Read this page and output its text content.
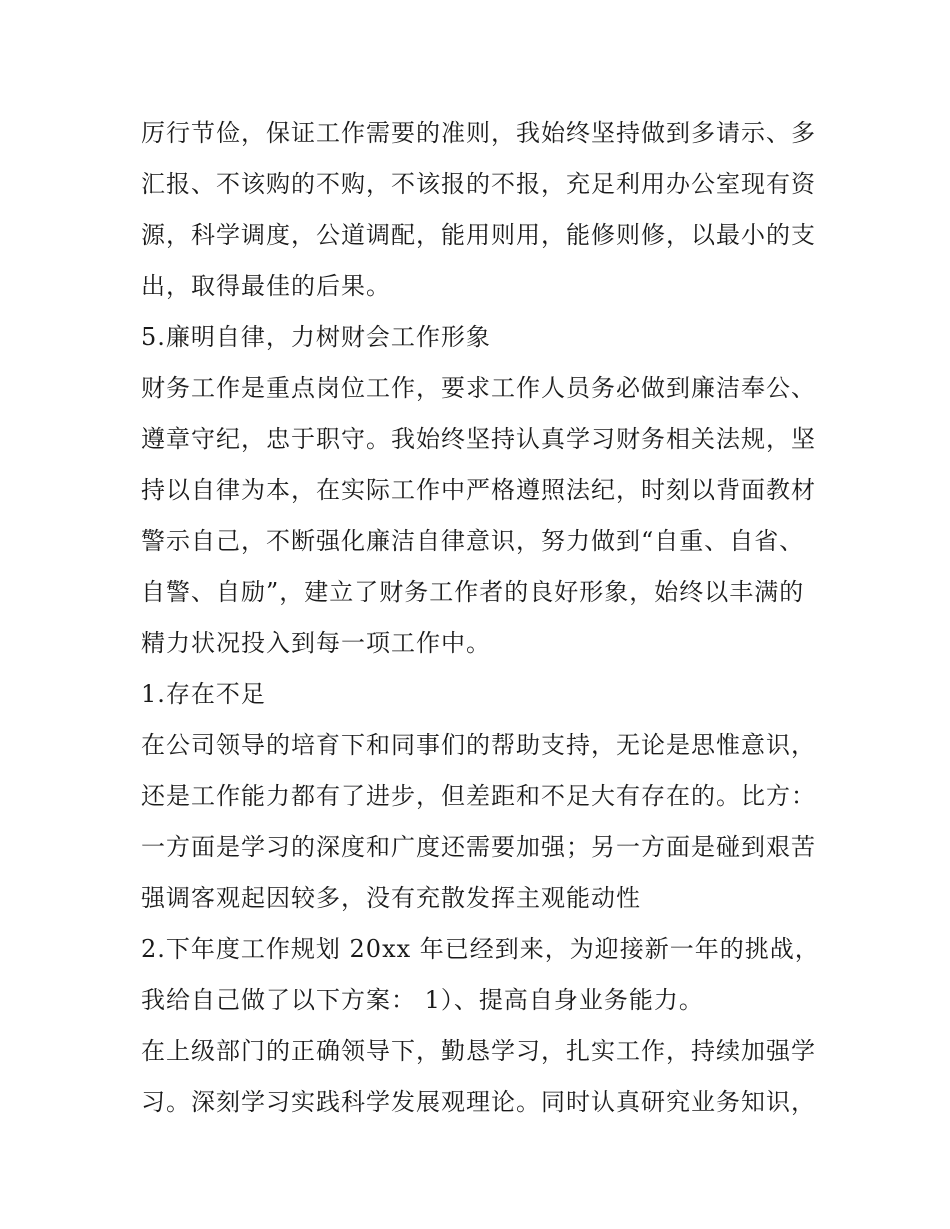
厉行节俭，保证工作需要的准则，我始终坚持做到多请示、多
汇报、不该购的不购，不该报的不报，充足利用办公室现有资
源，科学调度，公道调配，能用则用，能修则修，以最小的支
出，取得最佳的后果。
5.廉明自律，力树财会工作形象
财务工作是重点岗位工作，要求工作人员务必做到廉洁奉公、
遵章守纪，忠于职守。我始终坚持认真学习财务相关法规，坚
持以自律为本，在实际工作中严格遵照法纪，时刻以背面教材
警示自己，不断强化廉洁自律意识，努力做到“自重、自省、
自警、自励”，建立了财务工作者的良好形象，始终以丰满的
精力状况投入到每一项工作中。
1.存在不足
在公司领导的培育下和同事们的帮助支持，无论是思惟意识，
还是工作能力都有了进步，但差距和不足大有存在的。比方：
一方面是学习的深度和广度还需要加强；另一方面是碰到艰苦
强调客观起因较多，没有充散发挥主观能动性
2.下年度工作规划 20xx 年已经到来，为迎接新一年的挑战，
我给自己做了以下方案： 1）、提高自身业务能力。
在上级部门的正确领导下，勤恳学习，扎实工作，持续加强学
习。深刻学习实践科学发展观理论。同时认真研究业务知识，
